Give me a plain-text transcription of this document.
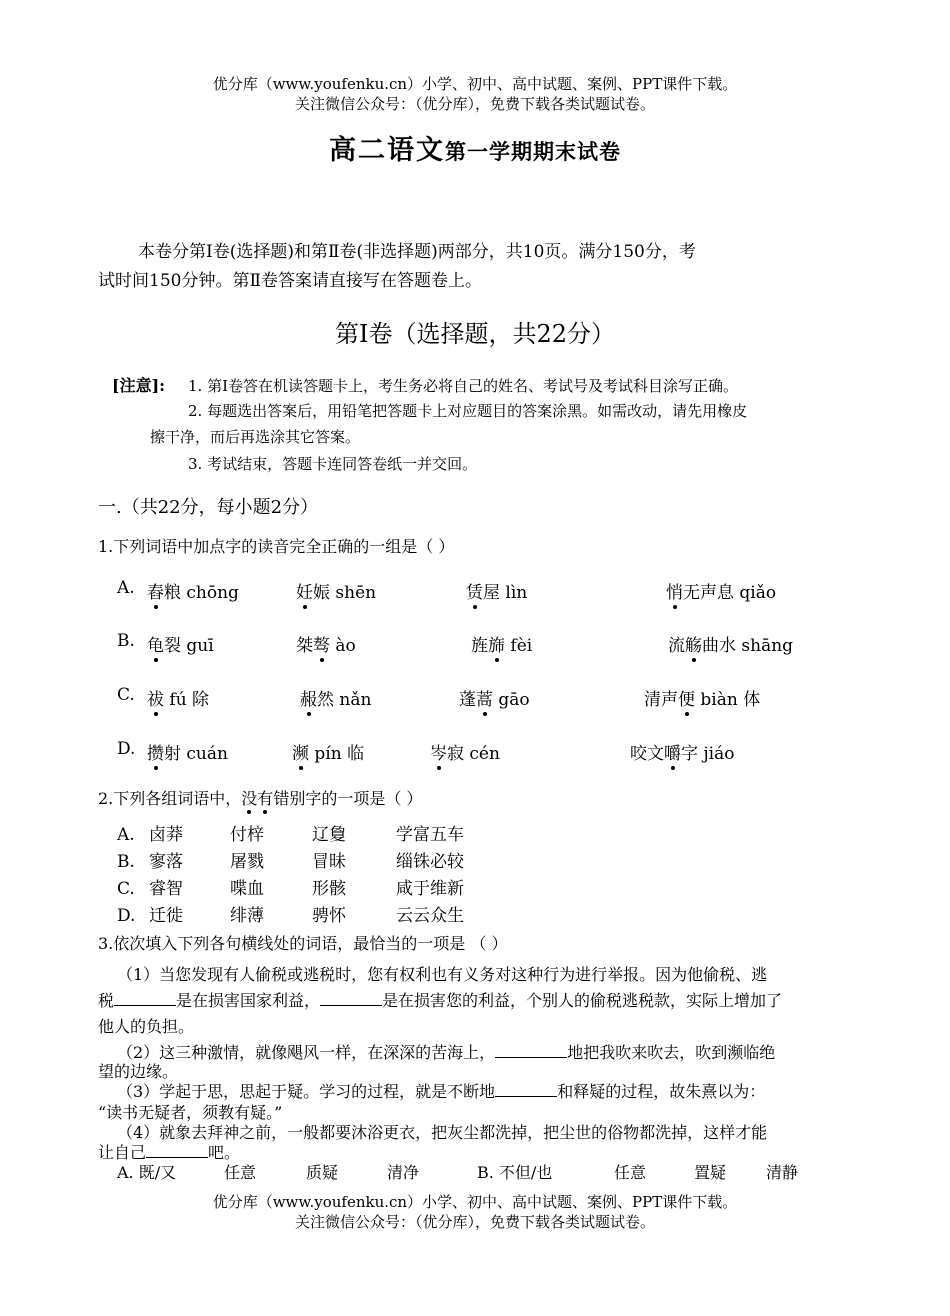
优分库（www.youfenku.cn）小学、初中、高中试题、案例、PPT课件下载。
关注微信公众号：（优分库），免费下载各类试题试卷。
高二语文第一学期期末试卷
本卷分第Ⅰ卷(选择题)和第Ⅱ卷(非选择题)两部分，共10页。满分150分，考
试时间150分钟。第Ⅱ卷答案请直接写在答题卷上。
第Ⅰ卷（选择题，共22分）
[注意]: 1. 第Ⅰ卷答在机读答题卡上，考生务必将自己的姓名、考试号及考试科目涂写正确。
2. 每题选出答案后，用铅笔把答题卡上对应题目的答案涂黑。如需改动，请先用橡皮
擦干净，而后再选涂其它答案。
3. 考试结束，答题卡连同答卷纸一并交回。
一.（共22分，每小题2分）
1.下列词语中加点字的读音完全正确的一组是（ ）
A. 舂粮 chōng	妊娠 shēn	赁屋 lìn	悄无声息 qiǎo
B. 龟裂 guī	桀骜 ào	旌旆 fèi	流觞曲水 shāng
C. 祓 fú 除	赧然 nǎn	蓬蒿 gāo	清声便 biàn 体
D. 攒射 cuán	濒 pín 临	岑寂 cén	咬文嚼字 jiáo
2.下列各组词语中，没有错别字的一项是（ ）
A. 卤莽	付梓	辽敻	学富五车
B. 寥落	屠戮	冒昧	缁铢必较
C. 睿智	喋血	形骸	咸于维新
D. 迁徙	绯薄	骋怀	云云众生
3.依次填入下列各句横线处的词语，最恰当的一项是 （ ）
（1）当您发现有人偷税或逃税时，您有权利也有义务对这种行为进行举报。因为他偷税、逃
税	是在损害国家利益，	是在损害您的利益，个别人的偷税逃税款，实际上增加了
他人的负担。
（2）这三种激情，就像飓风一样，在深深的苦海上，	地把我吹来吹去，吹到濒临绝
望的边缘。
（3）学起于思，思起于疑。学习的过程，就是不断地	和释疑的过程，故朱熹以为：
“读书无疑者，须教有疑。”
（4）就象去拜神之前，一般都要沐浴更衣，把灰尘都洗掉，把尘世的俗物都洗掉，这样才能
让自己	吧。
A. 既/又	任意	质疑	清净	B. 不但/也	任意	置疑 清静
优分库（www.youfenku.cn）小学、初中、高中试题、案例、PPT课件下载。
关注微信公众号：（优分库），免费下载各类试题试卷。
